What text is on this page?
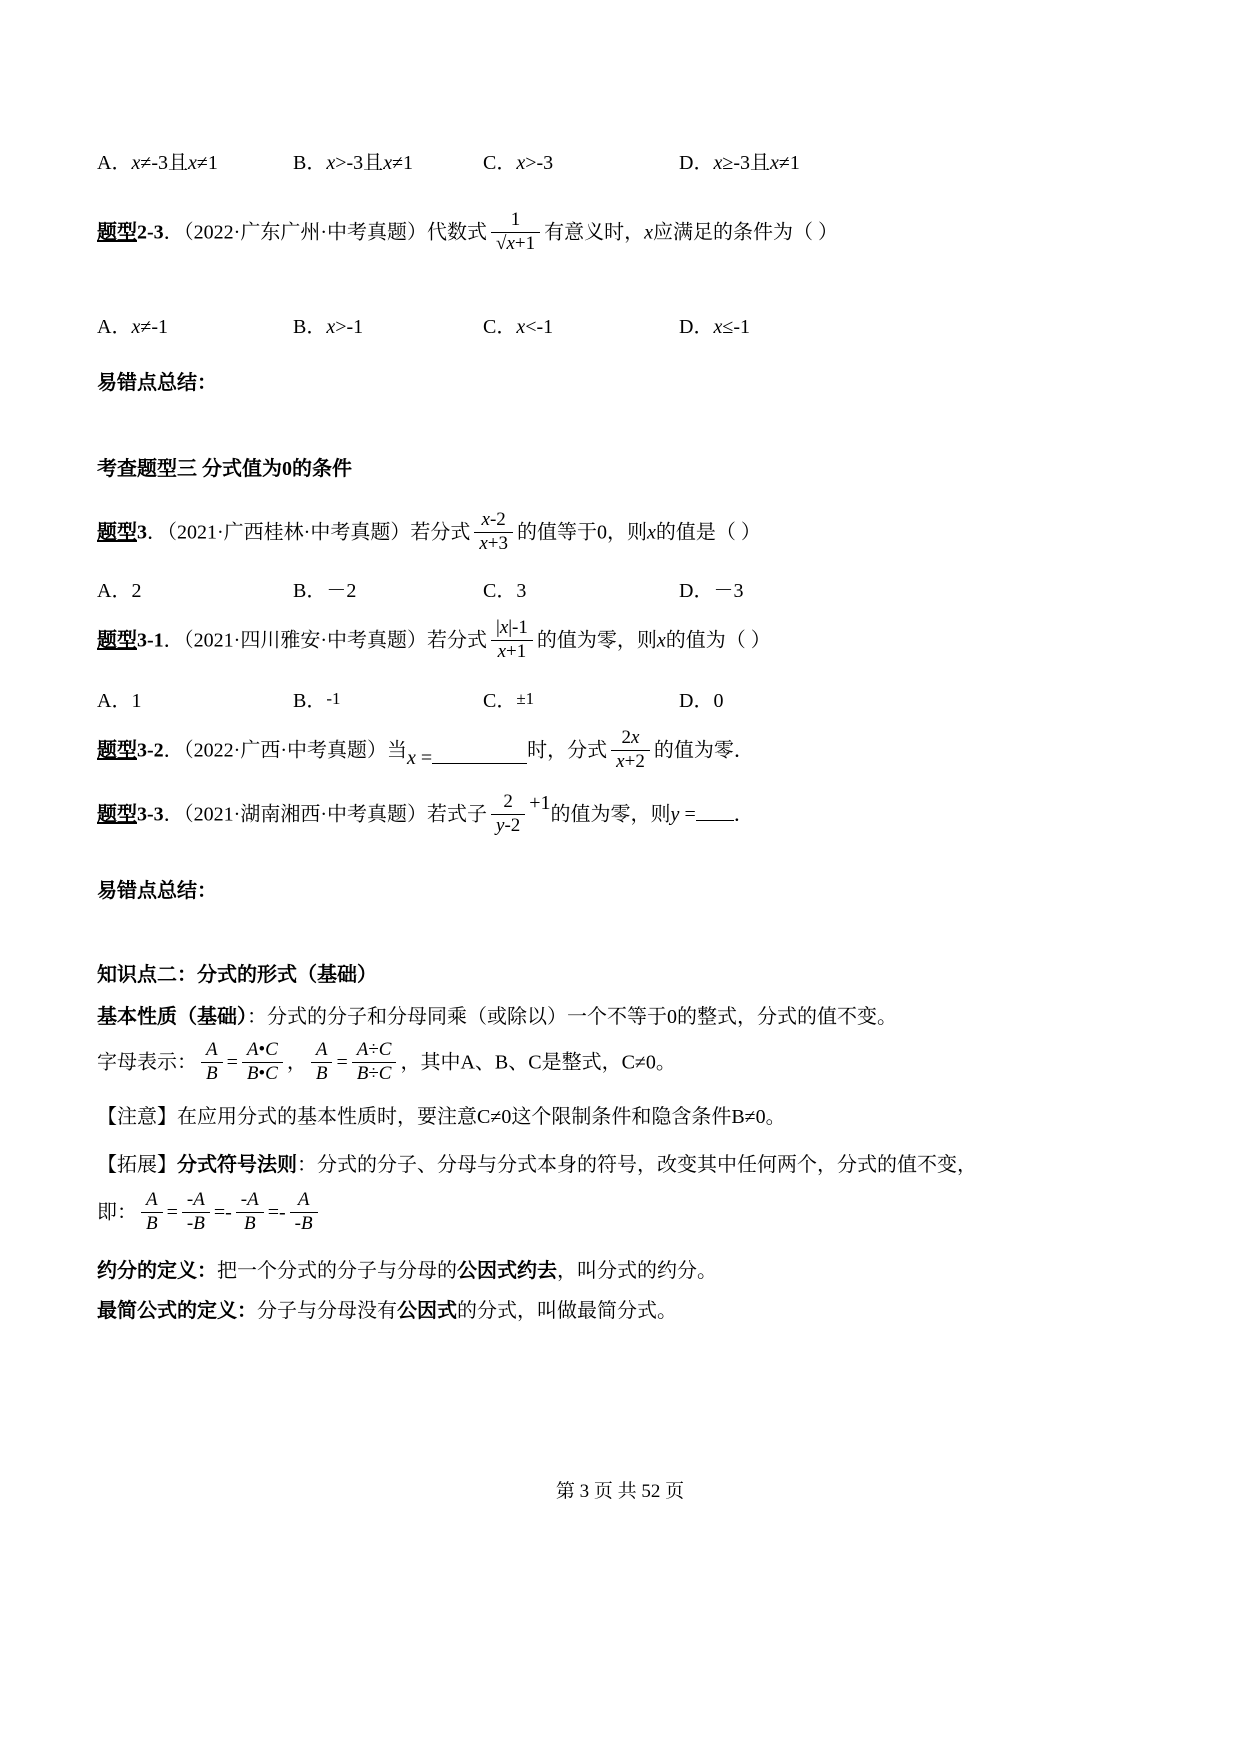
A．x≠-3且x≠1	B．x>-3且x≠1	C．x>-3	D．x≥-3且x≠1
题型2-3．（2022·广东广州·中考真题）代数式 $\frac{1}{√x+1}$ 有意义时，x应满足的条件为（ ）
A．x≠-1	B．x>-1	C．x<-1	D．x≤-1
易错点总结：
考查题型三 分式值为0的条件
题型3．（2021·广西桂林·中考真题）若分式 $\frac{x-2}{x+3}$ 的值等于0，则x的值是（ ）
A．2	B．－2	C．3	D．－3
题型3-1．（2021·四川雅安·中考真题）若分式 $\frac{|x|-1}{x+1}$ 的值为零，则x的值为（ ）
A．1	B．-1	C．±1	D．0
题型3-2．（2022·广西·中考真题）当x =	时，分式 $\frac{2x}{x+2}$ 的值为零．
题型3-3．（2021·湖南湘西·中考真题）若式子 $\frac{2}{y-2} +1$的值为零，则y = ．
易错点总结：
知识点二：分式的形式（基础）
基本性质（基础）：分式的分子和分母同乘（或除以）一个不等于0的整式，分式的值不变。
字母表示： $\frac{A}{B} = \frac{A•C}{B•C}$ ， $\frac{A}{B} = \frac{A\div C}{B\div C}$ ，其中A、B、C是整式，C≠0。
【注意】在应用分式的基本性质时，要注意C≠0这个限制条件和隐含条件B≠0。
【拓展】分式符号法则：分式的分子、分母与分式本身的符号，改变其中任何两个，分式的值不变，
即： $\frac{A}{B} = \frac{-A}{-B} =- \frac{-A}{B} =- \frac{A}{-B}$
约分的定义：把一个分式的分子与分母的公因式约去，叫分式的约分。
最简公式的定义：分子与分母没有公因式的分式，叫做最简分式。
第 3 页 共 52 页
